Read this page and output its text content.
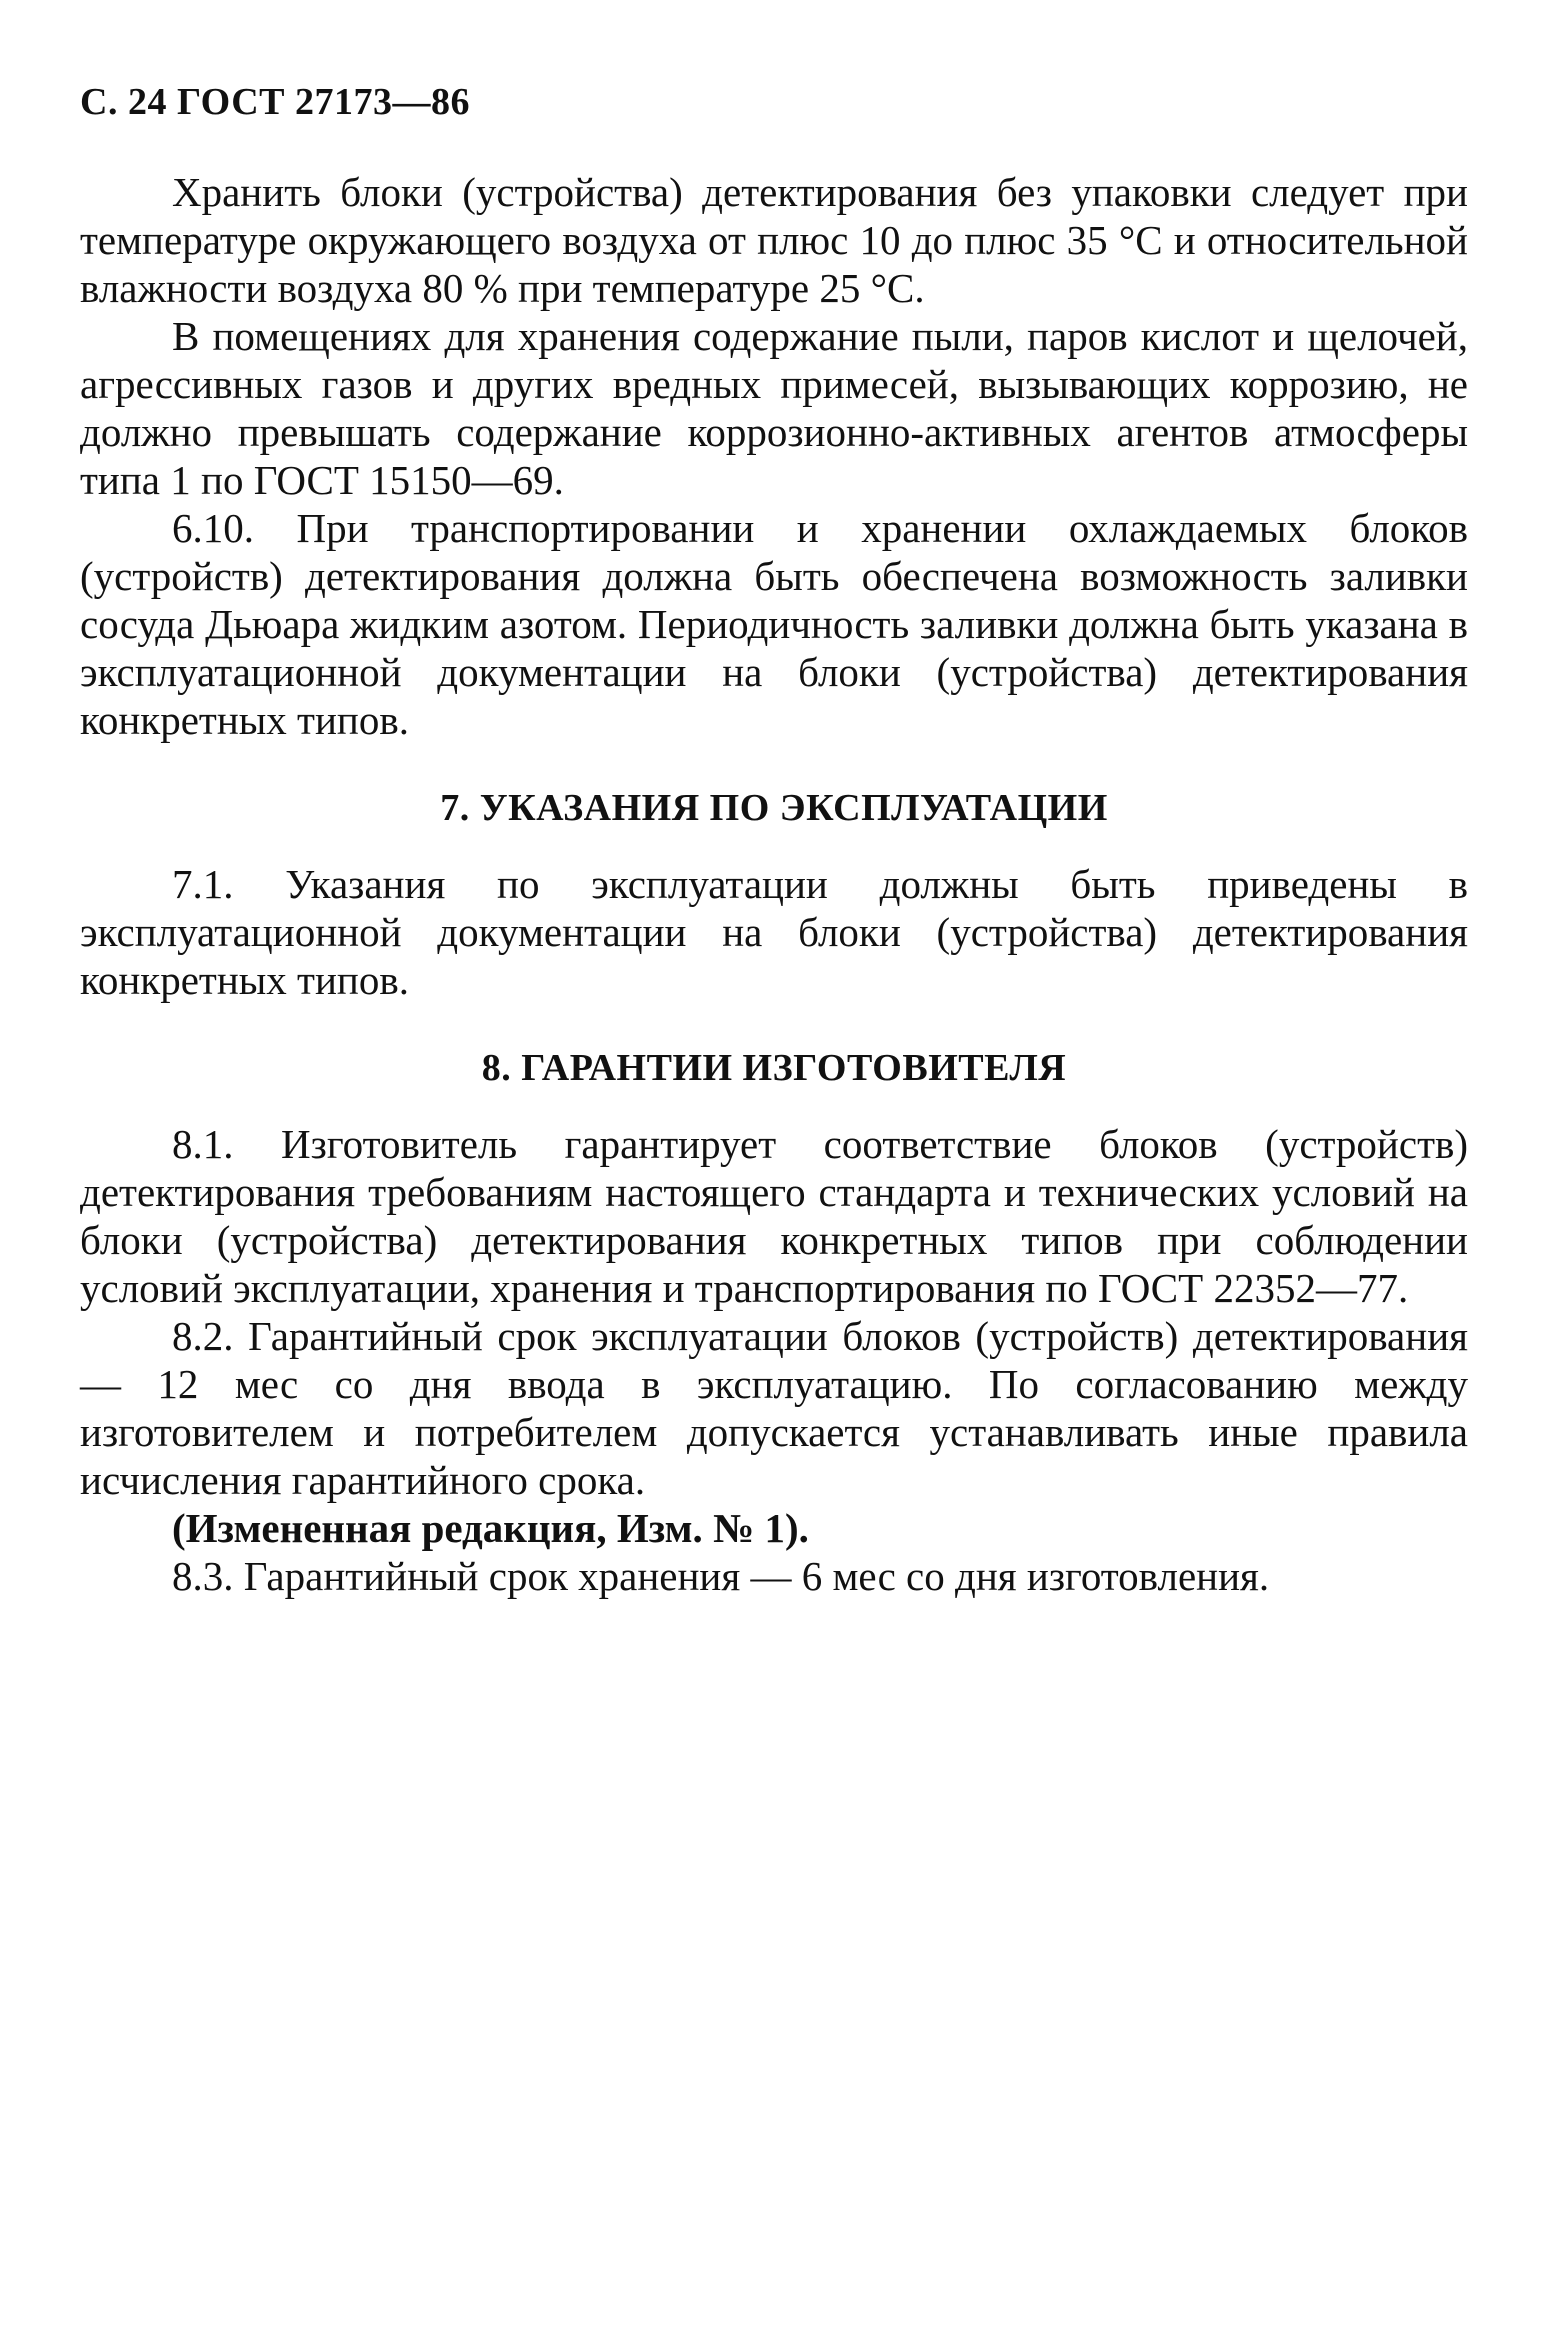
С. 24 ГОСТ 27173—86

Хранить блоки (устройства) детектирования без упаковки следует при температуре окружающего воздуха от плюс 10 до плюс 35 °С и относительной влажности воздуха 80 % при температуре 25 °С.

В помещениях для хранения содержание пыли, паров кислот и щелочей, агрессивных газов и других вредных примесей, вызывающих коррозию, не должно превышать содержание коррозионно-активных агентов атмосферы типа 1 по ГОСТ 15150—69.

6.10. При транспортировании и хранении охлаждаемых блоков (устройств) детектирования должна быть обеспечена возможность заливки сосуда Дьюара жидким азотом. Периодичность заливки должна быть указана в эксплуатационной документации на блоки (устройства) детектирования конкретных типов.

7. УКАЗАНИЯ ПО ЭКСПЛУАТАЦИИ

7.1. Указания по эксплуатации должны быть приведены в эксплуатационной документации на блоки (устройства) детектирования конкретных типов.

8. ГАРАНТИИ ИЗГОТОВИТЕЛЯ

8.1. Изготовитель гарантирует соответствие блоков (устройств) детектирования требованиям настоящего стандарта и технических условий на блоки (устройства) детектирования конкретных типов при соблюдении условий эксплуатации, хранения и транспортирования по ГОСТ 22352—77.

8.2. Гарантийный срок эксплуатации блоков (устройств) детектирования — 12 мес со дня ввода в эксплуатацию. По согласованию между изготовителем и потребителем допускается устанавливать иные правила исчисления гарантийного срока.

(Измененная редакция, Изм. № 1).

8.3. Гарантийный срок хранения — 6 мес со дня изготовления.
